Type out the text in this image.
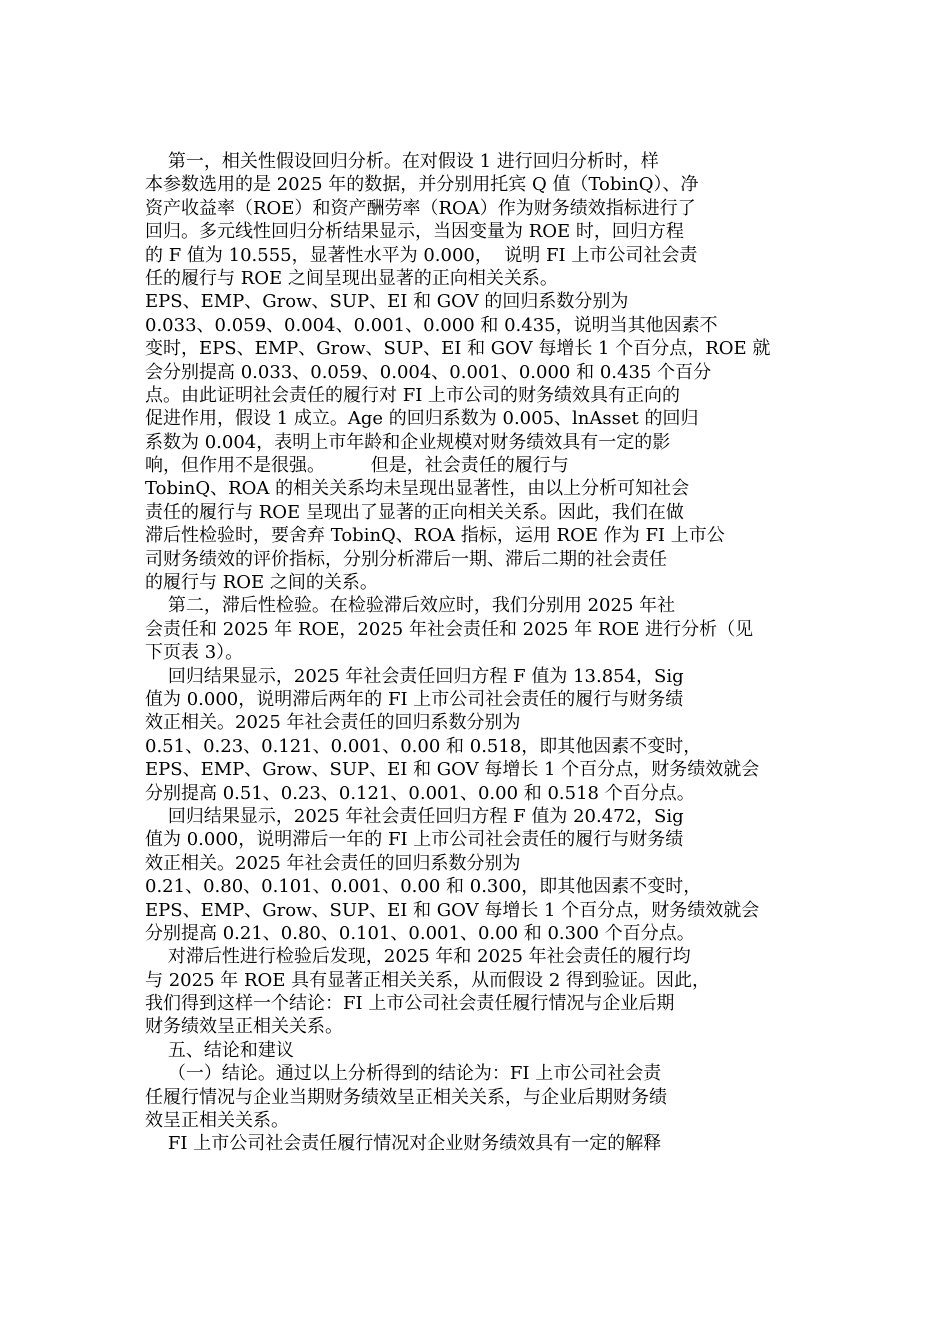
第一，相关性假设回归分析。在对假设 1 进行回归分析时，样
本参数选用的是 2025 年的数据，并分别用托宾 Q 值（TobinQ）、净
资产收益率（ROE）和资产酬劳率（ROA）作为财务绩效指标进行了
回归。多元线性回归分析结果显示，当因变量为 ROE 时，回归方程
的 F 值为 10.555，显著性水平为 0.000，  说明 FI 上市公司社会责
任的履行与 ROE 之间呈现出显著的正向相关关系。
EPS、EMP、Grow、SUP、EI 和 GOV 的回归系数分别为
0.033、0.059、0.004、0.001、0.000 和 0.435，说明当其他因素不
变时，EPS、EMP、Grow、SUP、EI 和 GOV 每增长 1 个百分点，ROE 就
会分别提高 0.033、0.059、0.004、0.001、0.000 和 0.435 个百分
点。由此证明社会责任的履行对 FI 上市公司的财务绩效具有正向的
促进作用，假设 1 成立。Age 的回归系数为 0.005、lnAsset 的回归
系数为 0.004，表明上市年龄和企业规模对财务绩效具有一定的影
响，但作用不是很强。        但是，社会责任的履行与
TobinQ、ROA 的相关关系均未呈现出显著性，由以上分析可知社会
责任的履行与 ROE 呈现出了显著的正向相关关系。因此，我们在做
滞后性检验时，要舍弃 TobinQ、ROA 指标，运用 ROE 作为 FI 上市公
司财务绩效的评价指标，分别分析滞后一期、滞后二期的社会责任
的履行与 ROE 之间的关系。
第二，滞后性检验。在检验滞后效应时，我们分别用 2025 年社
会责任和 2025 年 ROE，2025 年社会责任和 2025 年 ROE 进行分析（见
下页表 3）。
回归结果显示，2025 年社会责任回归方程 F 值为 13.854，Sig
值为 0.000，说明滞后两年的 FI 上市公司社会责任的履行与财务绩
效正相关。2025 年社会责任的回归系数分别为
0.51、0.23、0.121、0.001、0.00 和 0.518，即其他因素不变时，
EPS、EMP、Grow、SUP、EI 和 GOV 每增长 1 个百分点，财务绩效就会
分别提高 0.51、0.23、0.121、0.001、0.00 和 0.518 个百分点。
回归结果显示，2025 年社会责任回归方程 F 值为 20.472，Sig
值为 0.000，说明滞后一年的 FI 上市公司社会责任的履行与财务绩
效正相关。2025 年社会责任的回归系数分别为
0.21、0.80、0.101、0.001、0.00 和 0.300，即其他因素不变时，
EPS、EMP、Grow、SUP、EI 和 GOV 每增长 1 个百分点，财务绩效就会
分别提高 0.21、0.80、0.101、0.001、0.00 和 0.300 个百分点。
对滞后性进行检验后发现，2025 年和 2025 年社会责任的履行均
与 2025 年 ROE 具有显著正相关关系，从而假设 2 得到验证。因此，
我们得到这样一个结论：FI 上市公司社会责任履行情况与企业后期
财务绩效呈正相关关系。
五、结论和建议
（一）结论。通过以上分析得到的结论为：FI 上市公司社会责
任履行情况与企业当期财务绩效呈正相关关系，与企业后期财务绩
效呈正相关关系。
FI 上市公司社会责任履行情况对企业财务绩效具有一定的解释
